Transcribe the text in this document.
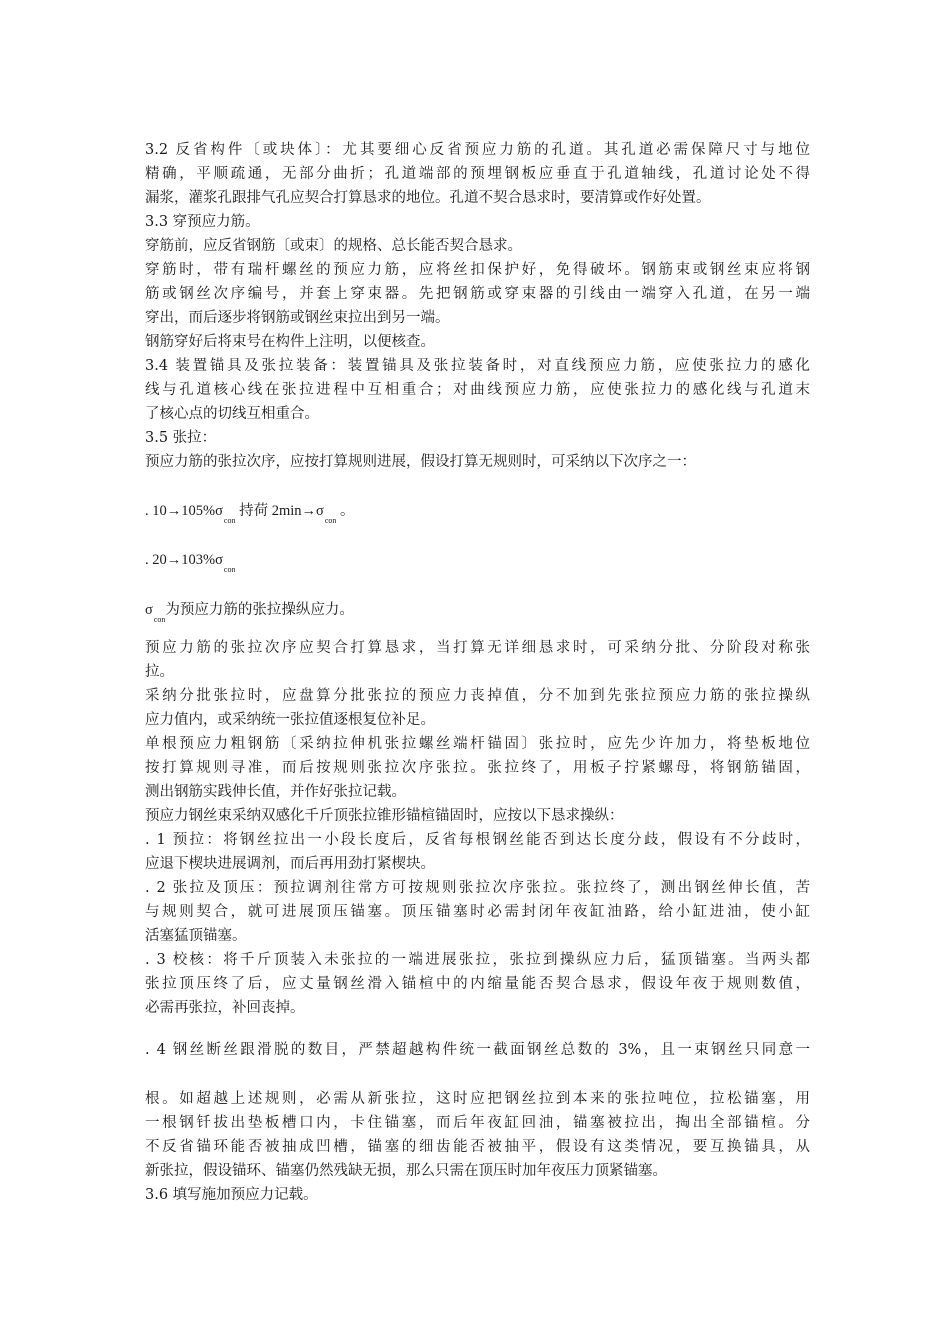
3.2 反省构件〔或块体〕：尤其要细心反省预应力筋的孔道。其孔道必需保障尺寸与地位
精确，平顺疏通，无部分曲折；孔道端部的预埋钢板应垂直于孔道轴线，孔道讨论处不得
漏浆，灌浆孔跟排气孔应契合打算恳求的地位。孔道不契合恳求时，要清算或作好处置。
3.3 穿预应力筋。
穿筋前，应反省钢筋〔或束〕的规格、总长能否契合恳求。
穿筋时，带有瑞杆螺丝的预应力筋，应将丝扣保护好，免得破坏。钢筋束或钢丝束应将钢
筋或钢丝次序编号，并套上穿束器。先把钢筋或穿束器的引线由一端穿入孔道，在另一端
穿出，而后逐步将钢筋或钢丝束拉出到另一端。
钢筋穿好后将束号在构件上注明，以便核查。
3.4 装置锚具及张拉装备：装置锚具及张拉装备时，对直线预应力筋，应使张拉力的感化
线与孔道核心线在张拉进程中互相重合；对曲线预应力筋，应使张拉力的感化线与孔道末
了核心点的切线互相重合。
3.5 张拉：
预应力筋的张拉次序，应按打算规则进展，假设打算无规则时，可采纳以下次序之一：
. $10\to 105\%\sigma_{con}$ 持荷 $2\min\to\sigma_{con}$ 。
. $20\to 103\%\sigma_{con}$
$\sigma_{con}$为预应力筋的张拉操纵应力。
预应力筋的张拉次序应契合打算恳求，当打算无详细恳求时，可采纳分批、分阶段对称张
拉。
采纳分批张拉时，应盘算分批张拉的预应力丧掉值，分不加到先张拉预应力筋的张拉操纵
应力值内，或采纳统一张拉值逐根复位补足。
单根预应力粗钢筋〔采纳拉伸机张拉螺丝端杆锚固〕张拉时，应先少许加力，将垫板地位
按打算规则寻准，而后按规则张拉次序张拉。张拉终了，用板子拧紧螺母，将钢筋锚固，
测出钢筋实践伸长值，并作好张拉记载。
预应力钢丝束采纳双感化千斤顶张拉锥形锚楦锚固时，应按以下恳求操纵：
. 1 预拉：将钢丝拉出一小段长度后，反省每根钢丝能否到达长度分歧，假设有不分歧时，
应退下楔块进展调剂，而后再用劲打紧楔块。
. 2 张拉及顶压：预拉调剂往常方可按规则张拉次序张拉。张拉终了，测出钢丝伸长值，苦
与规则契合，就可进展顶压锚塞。顶压锚塞时必需封闭年夜缸油路，给小缸进油，使小缸
活塞猛顶锚塞。
. 3 校核：将千斤顶装入未张拉的一端进展张拉，张拉到操纵应力后，猛顶锚塞。当两头都
张拉顶压终了后，应丈量钢丝滑入锚楦中的内缩量能否契合恳求，假设年夜于规则数值，
必需再张拉，补回丧掉。
. 4 钢丝断丝跟滑脱的数目，严禁超越构件统一截面钢丝总数的 3%，且一束钢丝只同意一
根。如超越上述规则，必需从新张拉，这时应把钢丝拉到本来的张拉吨位，拉松锚塞，用
一根钢钎拔出垫板槽口内，卡住锚塞，而后年夜缸回油，锚塞被拉出，掏出全部锚楦。分
不反省锚环能否被抽成凹槽，锚塞的细齿能否被抽平，假设有这类情况，要互换锚具，从
新张拉，假设锚环、锚塞仍然残缺无损，那么只需在顶压时加年夜压力顶紧锚塞。
3.6 填写施加预应力记载。
